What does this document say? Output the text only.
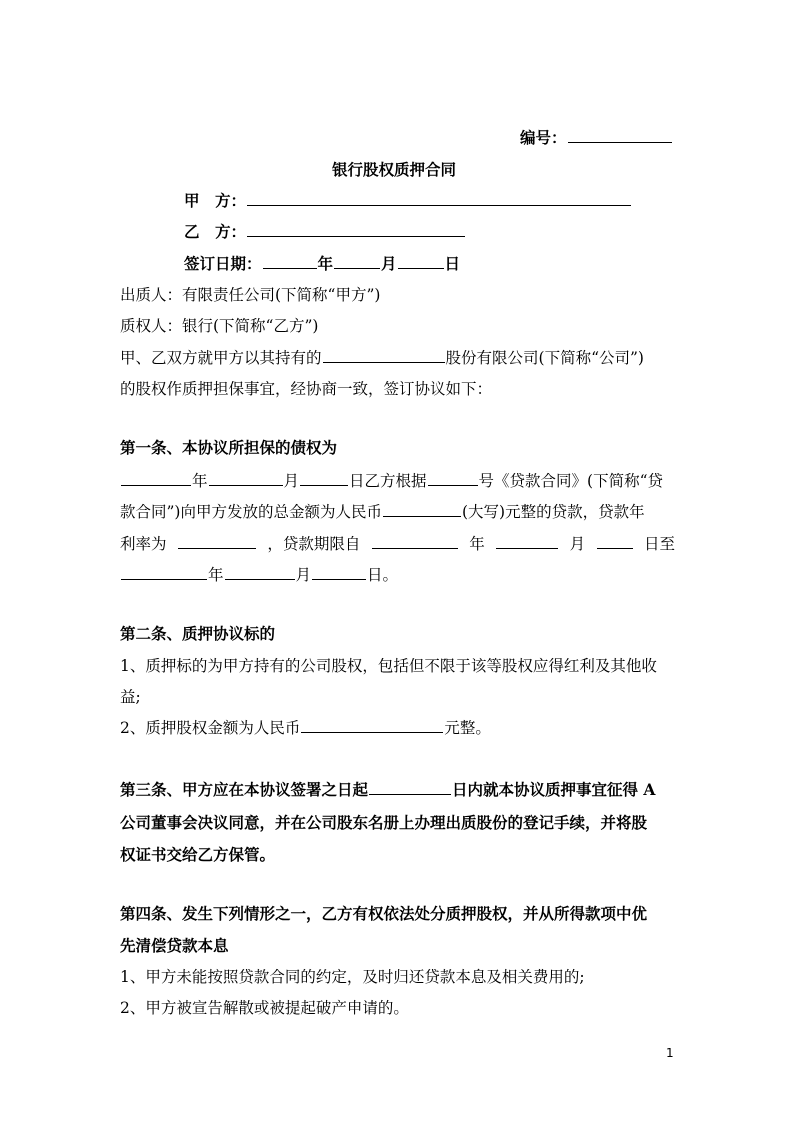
编号：
银行股权质押合同
甲　方：
乙　方：
签订日期：	年	月	日
出质人：有限责任公司(下简称“甲方”)
质权人：银行(下简称“乙方”)
甲、乙双方就甲方以其持有的	股份有限公司(下简称“公司”)
的股权作质押担保事宜，经协商一致，签订协议如下：
第一条、本协议所担保的债权为
年	月	日乙方根据	号《贷款合同》(下简称“贷
款合同”)向甲方发放的总金额为人民币	(大写)元整的贷款，贷款年
利率为	，贷款期限自	年	月	日至
年	月	日。
第二条、质押协议标的
1、质押标的为甲方持有的公司股权，包括但不限于该等股权应得红利及其他收
益;
2、质押股权金额为人民币	元整。
第三条、甲方应在本协议签署之日起	日内就本协议质押事宜征得 A
公司董事会决议同意，并在公司股东名册上办理出质股份的登记手续，并将股
权证书交给乙方保管。
第四条、发生下列情形之一，乙方有权依法处分质押股权，并从所得款项中优
先清偿贷款本息
1、甲方未能按照贷款合同的约定，及时归还贷款本息及相关费用的;
2、甲方被宣告解散或被提起破产申请的。
1
